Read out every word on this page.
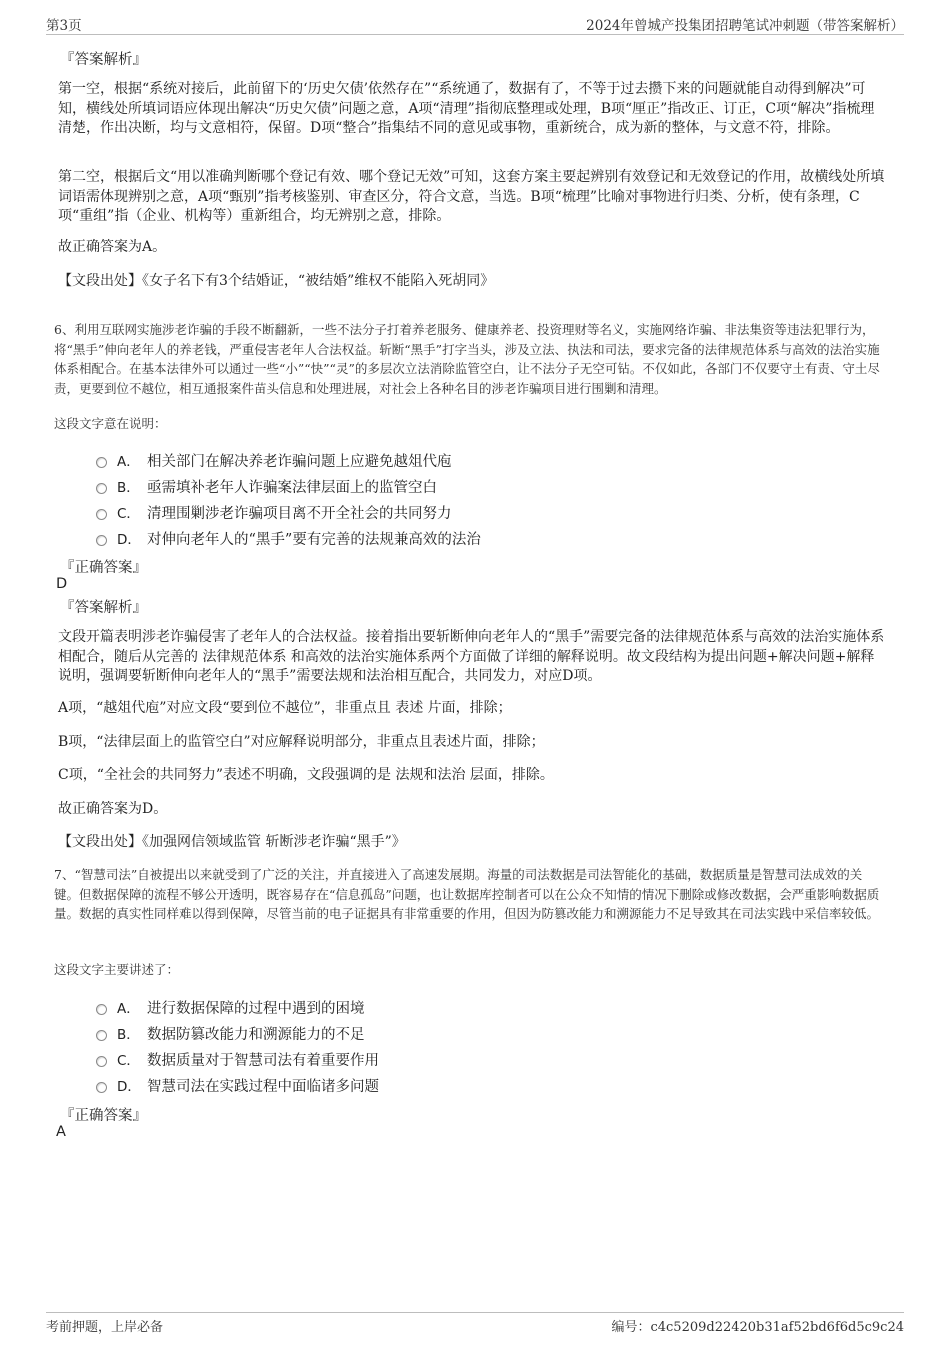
第3页	2024年曾城产投集团招聘笔试冲刺题（带答案解析）
『答案解析』

第一空，根据“系统对接后，此前留下的‘历史欠债’依然存在”“系统通了，数据有了，不等于过去攒下来的问题就能自动得到解决”可知，横线处所填词语应体现出解决“历史欠债”问题之意，A项“清理”指彻底整理或处理，B项“厘正”指改正、订正，C项“解决”指梳理清楚，作出决断，均与文意相符，保留。D项“整合”指集结不同的意见或事物，重新统合，成为新的整体，与文意不符，排除。

第二空，根据后文“用以准确判断哪个登记有效、哪个登记无效”可知，这套方案主要起辨别有效登记和无效登记的作用，故横线处所填词语需体现辨别之意，A项“甄别”指考核鉴别、审查区分，符合文意，当选。B项“梳理”比喻对事物进行归类、分析，使有条理，C项“重组”指（企业、机构等）重新组合，均无辨别之意，排除。

故正确答案为A。

【文段出处】《女子名下有3个结婚证，“被结婚”维权不能陷入死胡同》

6、利用互联网实施涉老诈骗的手段不断翻新，一些不法分子打着养老服务、健康养老、投资理财等名义，实施网络诈骗、非法集资等违法犯罪行为，将“黑手”伸向老年人的养老钱，严重侵害老年人合法权益。斩断“黑手”打字当头，涉及立法、执法和司法，要求完备的法律规范体系与高效的法治实施体系相配合。在基本法律外可以通过一些“小”“快”“灵”的多层次立法消除监管空白，让不法分子无空可钻。不仅如此，各部门不仅要守土有责、守土尽责，更要到位不越位，相互通报案件苗头信息和处理进展，对社会上各种名目的涉老诈骗项目进行围剿和清理。

这段文字意在说明：
A． 相关部门在解决养老诈骗问题上应避免越俎代庖
B． 亟需填补老年人诈骗案法律层面上的监管空白
C． 清理围剿涉老诈骗项目离不开全社会的共同努力
D． 对伸向老年人的“黑手”要有完善的法规兼高效的法治
『正确答案』
D
『答案解析』

文段开篇表明涉老诈骗侵害了老年人的合法权益。接着指出要斩断伸向老年人的“黑手”需要完备的法律规范体系与高效的法治实施体系相配合，随后从完善的 法律规范体系 和高效的法治实施体系两个方面做了详细的解释说明。故文段结构为提出问题+解决问题+解释说明，强调要斩断伸向老年人的“黑手”需要法规和法治相互配合，共同发力，对应D项。

A项，“越俎代庖”对应文段“要到位不越位”，非重点且 表述 片面，排除；

B项，“法律层面上的监管空白”对应解释说明部分，非重点且表述片面，排除；

C项，“全社会的共同努力”表述不明确，文段强调的是 法规和法治 层面，排除。

故正确答案为D。

【文段出处】《加强网信领域监管 斩断涉老诈骗“黑手”》

7、“智慧司法”自被提出以来就受到了广泛的关注，并直接进入了高速发展期。海量的司法数据是司法智能化的基础，数据质量是智慧司法成效的关键。但数据保障的流程不够公开透明，既容易存在“信息孤岛”问题，也让数据库控制者可以在公众不知情的情况下删除或修改数据，会严重影响数据质量。数据的真实性同样难以得到保障，尽管当前的电子证据具有非常重要的作用，但因为防篡改能力和溯源能力不足导致其在司法实践中采信率较低。

这段文字主要讲述了：
A． 进行数据保障的过程中遇到的困境
B． 数据防篡改能力和溯源能力的不足
C． 数据质量对于智慧司法有着重要作用
D． 智慧司法在实践过程中面临诸多问题
『正确答案』
A
考前押题，上岸必备	编号：c4c5209d22420b31af52bd6f6d5c9c24
